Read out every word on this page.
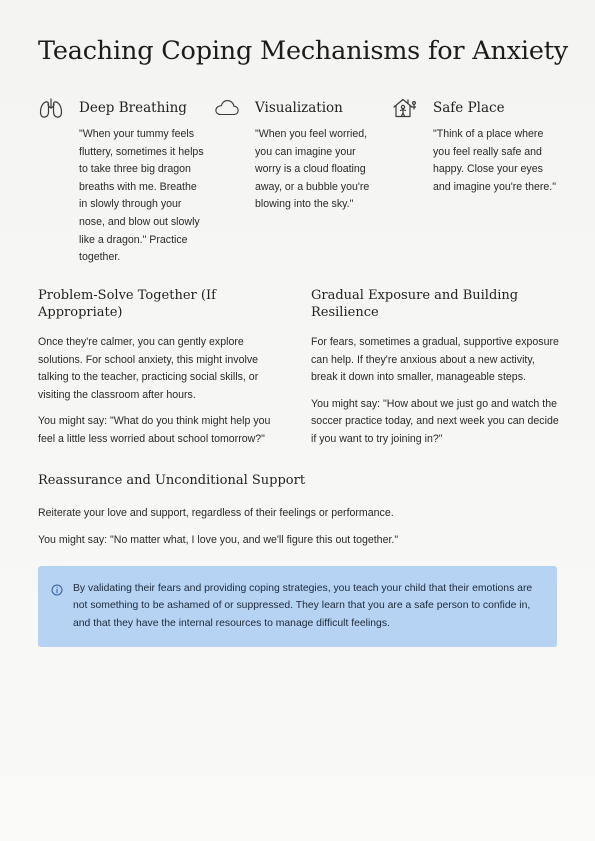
Teaching Coping Mechanisms for Anxiety
Deep Breathing

"When your tummy feels fluttery, sometimes it helps to take three big dragon breaths with me. Breathe in slowly through your nose, and blow out slowly like a dragon." Practice together.

Visualization

"When you feel worried, you can imagine your worry is a cloud floating away, or a bubble you're blowing into the sky."

Safe Place

"Think of a place where you feel really safe and happy. Close your eyes and imagine you're there."

Problem-Solve Together (If Appropriate)

Once they're calmer, you can gently explore solutions. For school anxiety, this might involve talking to the teacher, practicing social skills, or visiting the classroom after hours.

You might say: "What do you think might help you feel a little less worried about school tomorrow?"

Gradual Exposure and Building Resilience

For fears, sometimes a gradual, supportive exposure can help. If they're anxious about a new activity, break it down into smaller, manageable steps.

You might say: "How about we just go and watch the soccer practice today, and next week you can decide if you want to try joining in?"

Reassurance and Unconditional Support

Reiterate your love and support, regardless of their feelings or performance.

You might say: "No matter what, I love you, and we'll figure this out together."

By validating their fears and providing coping strategies, you teach your child that their emotions are not something to be ashamed of or suppressed. They learn that you are a safe person to confide in, and that they have the internal resources to manage difficult feelings.
